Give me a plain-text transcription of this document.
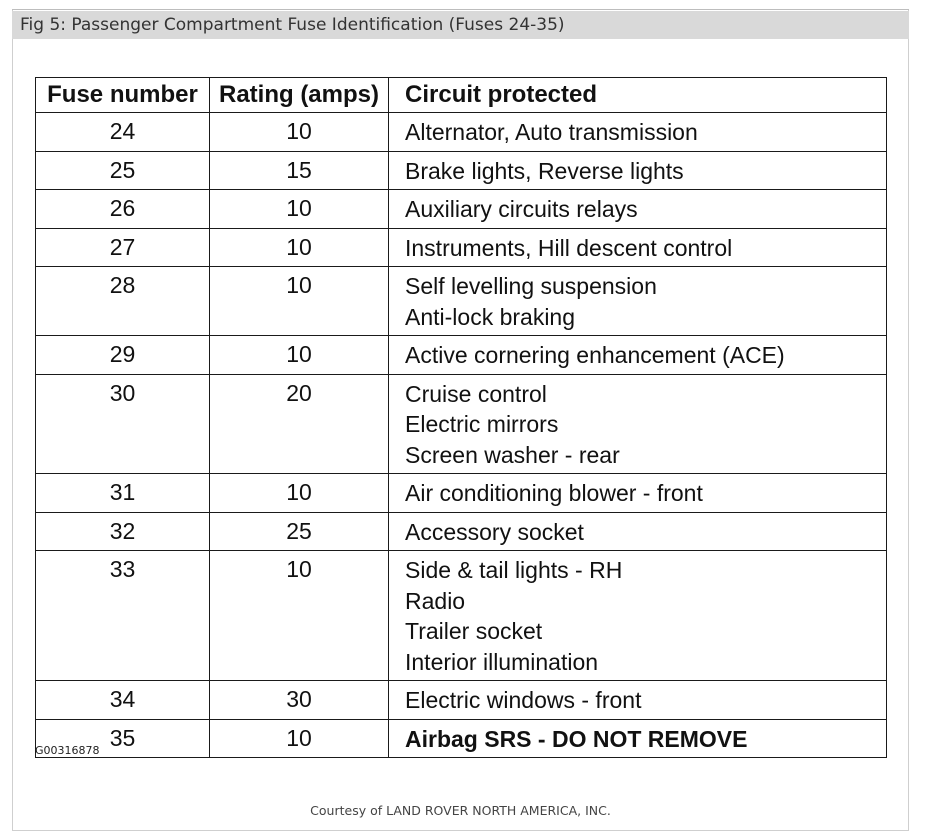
Fig 5: Passenger Compartment Fuse Identification (Fuses 24-35)
Fuse number	Rating (amps)	Circuit protected
24	10	Alternator, Auto transmission

25	15	Brake lights, Reverse lights

26	10	Auxiliary circuits relays

27	10	Instruments, Hill descent control

28	10	Self levelling suspension
Anti-lock braking

29	10	Active cornering enhancement (ACE)

30	20	Cruise control
Electric mirrors
Screen washer - rear

31	10	Air conditioning blower - front

32	25	Accessory socket

33	10	Side & tail lights - RH
Radio
Trailer socket
Interior illumination

34	30	Electric windows - front

35	10	Airbag SRS - DO NOT REMOVE
G00316878
Courtesy of LAND ROVER NORTH AMERICA, INC.
